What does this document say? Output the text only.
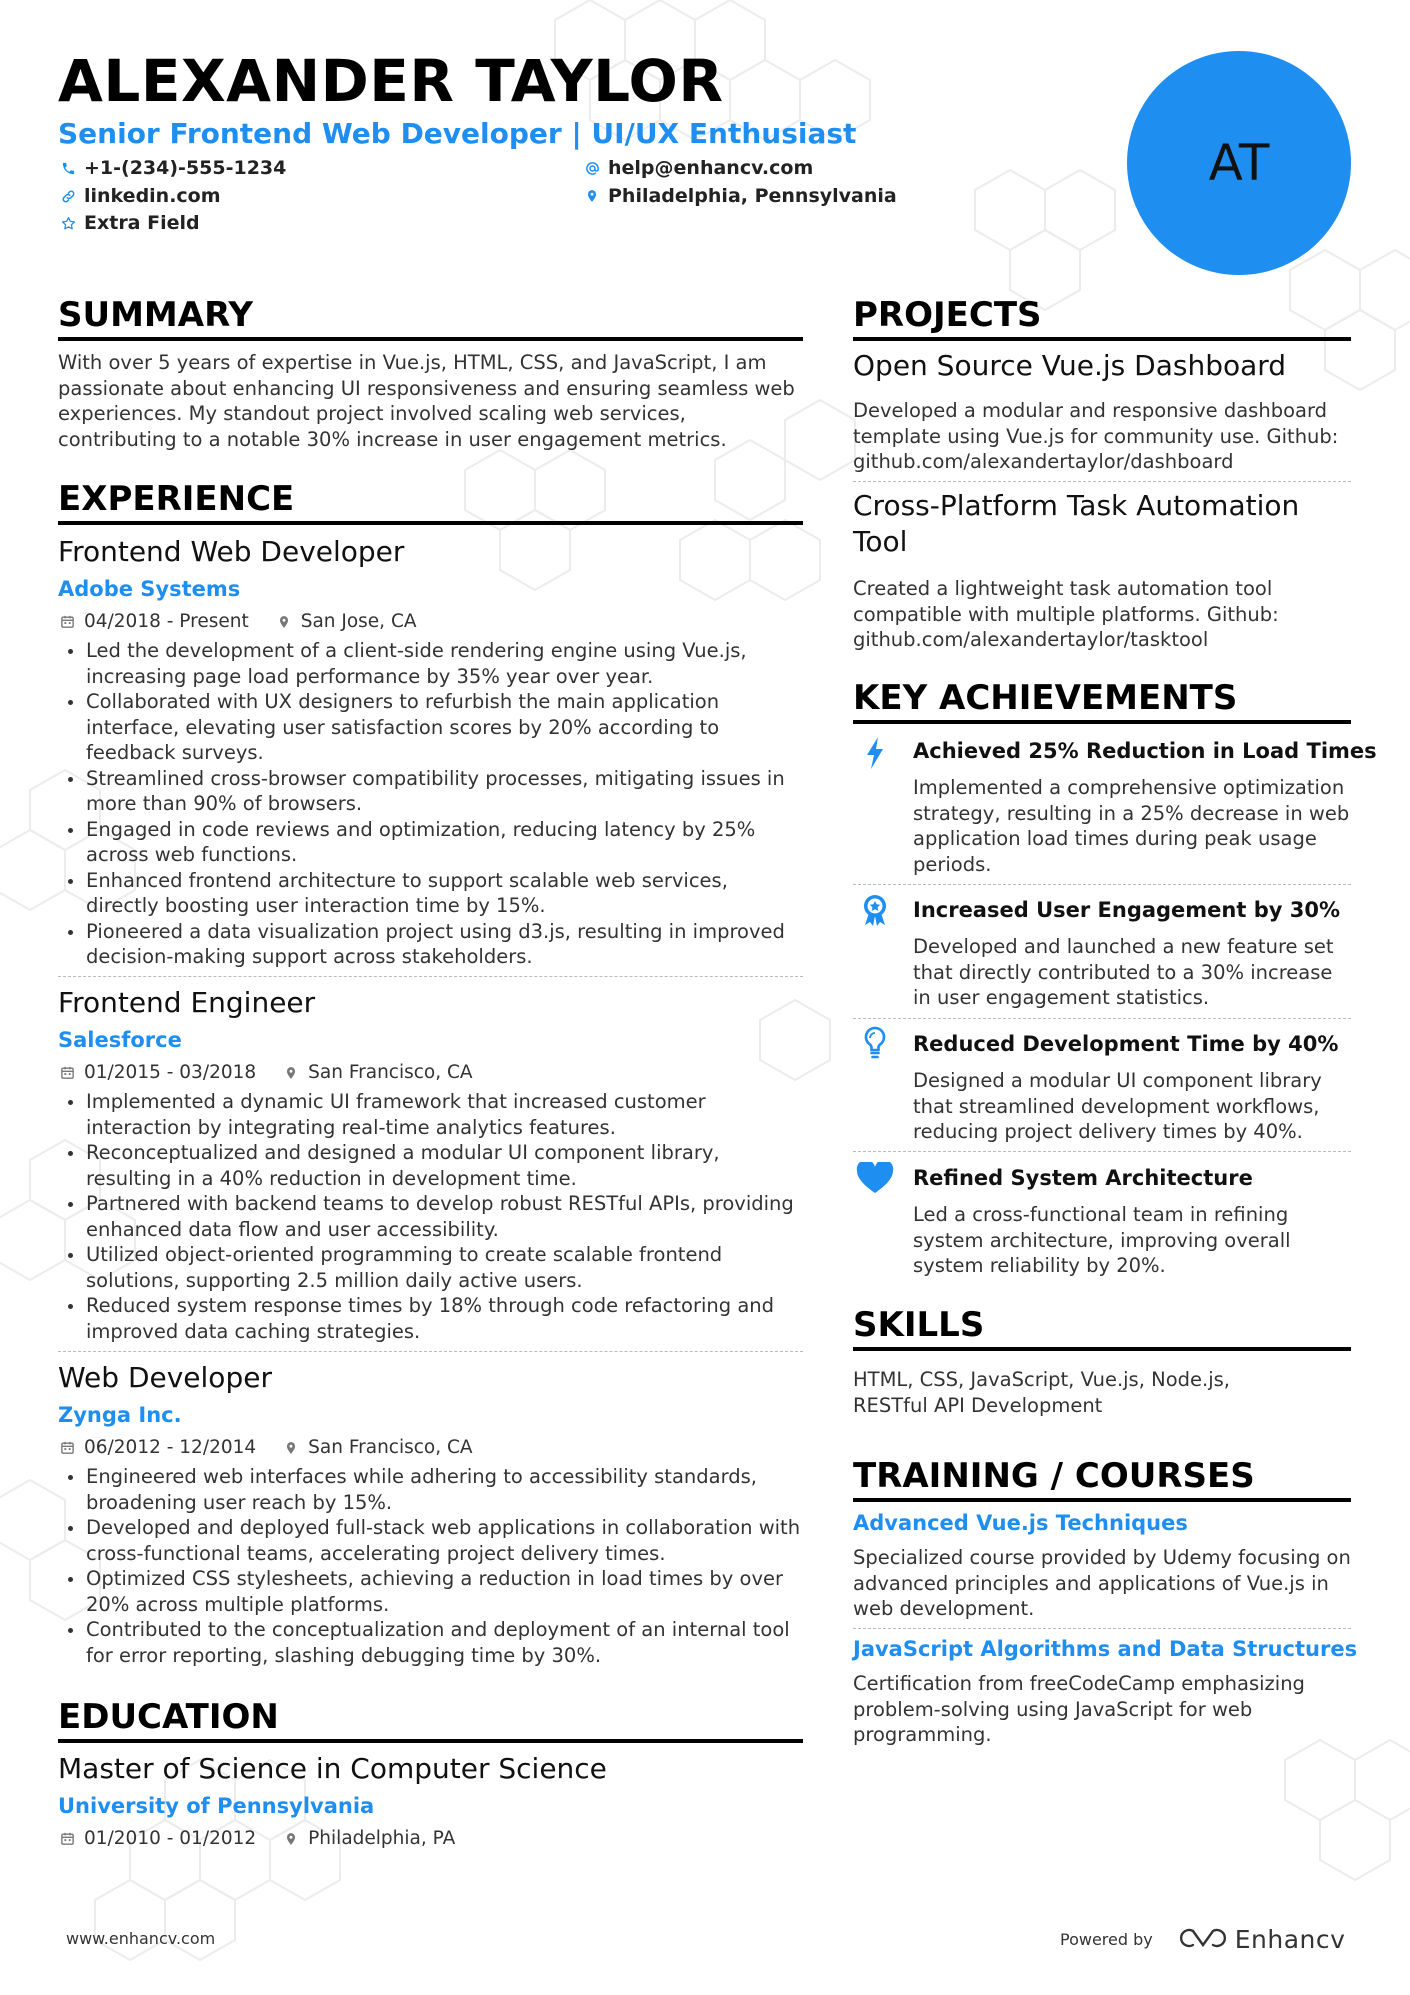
ALEXANDER TAYLOR
Senior Frontend Web Developer | UI/UX Enthusiast
+1-(234)-555-1234	help@enhancv.com
linkedin.com	Philadelphia, Pennsylvania
Extra Field
AT
SUMMARY
With over 5 years of expertise in Vue.js, HTML, CSS, and JavaScript, I am passionate about enhancing UI responsiveness and ensuring seamless web experiences. My standout project involved scaling web services, contributing to a notable 30% increase in user engagement metrics.
EXPERIENCE
Frontend Web Developer
Adobe Systems
04/2018 - Present	San Jose, CA
Led the development of a client-side rendering engine using Vue.js, increasing page load performance by 35% year over year.
Collaborated with UX designers to refurbish the main application interface, elevating user satisfaction scores by 20% according to feedback surveys.
Streamlined cross-browser compatibility processes, mitigating issues in more than 90% of browsers.
Engaged in code reviews and optimization, reducing latency by 25% across web functions.
Enhanced frontend architecture to support scalable web services, directly boosting user interaction time by 15%.
Pioneered a data visualization project using d3.js, resulting in improved decision-making support across stakeholders.
Frontend Engineer
Salesforce
01/2015 - 03/2018	San Francisco, CA
Implemented a dynamic UI framework that increased customer interaction by integrating real-time analytics features.
Reconceptualized and designed a modular UI component library, resulting in a 40% reduction in development time.
Partnered with backend teams to develop robust RESTful APIs, providing enhanced data flow and user accessibility.
Utilized object-oriented programming to create scalable frontend solutions, supporting 2.5 million daily active users.
Reduced system response times by 18% through code refactoring and improved data caching strategies.
Web Developer
Zynga Inc.
06/2012 - 12/2014	San Francisco, CA
Engineered web interfaces while adhering to accessibility standards, broadening user reach by 15%.
Developed and deployed full-stack web applications in collaboration with cross-functional teams, accelerating project delivery times.
Optimized CSS stylesheets, achieving a reduction in load times by over 20% across multiple platforms.
Contributed to the conceptualization and deployment of an internal tool for error reporting, slashing debugging time by 30%.
EDUCATION
Master of Science in Computer Science
University of Pennsylvania
01/2010 - 01/2012	Philadelphia, PA
PROJECTS
Open Source Vue.js Dashboard
Developed a modular and responsive dashboard template using Vue.js for community use. Github: github.com/alexandertaylor/dashboard
Cross-Platform Task Automation Tool
Created a lightweight task automation tool compatible with multiple platforms. Github: github.com/alexandertaylor/tasktool
KEY ACHIEVEMENTS
Achieved 25% Reduction in Load Times
Implemented a comprehensive optimization strategy, resulting in a 25% decrease in web application load times during peak usage periods.
Increased User Engagement by 30%
Developed and launched a new feature set that directly contributed to a 30% increase in user engagement statistics.
Reduced Development Time by 40%
Designed a modular UI component library that streamlined development workflows, reducing project delivery times by 40%.
Refined System Architecture
Led a cross-functional team in refining system architecture, improving overall system reliability by 20%.
SKILLS
HTML, CSS, JavaScript, Vue.js, Node.js, RESTful API Development
TRAINING / COURSES
Advanced Vue.js Techniques
Specialized course provided by Udemy focusing on advanced principles and applications of Vue.js in web development.
JavaScript Algorithms and Data Structures
Certification from freeCodeCamp emphasizing problem-solving using JavaScript for web programming.
www.enhancv.com	Powered by	Enhancv
